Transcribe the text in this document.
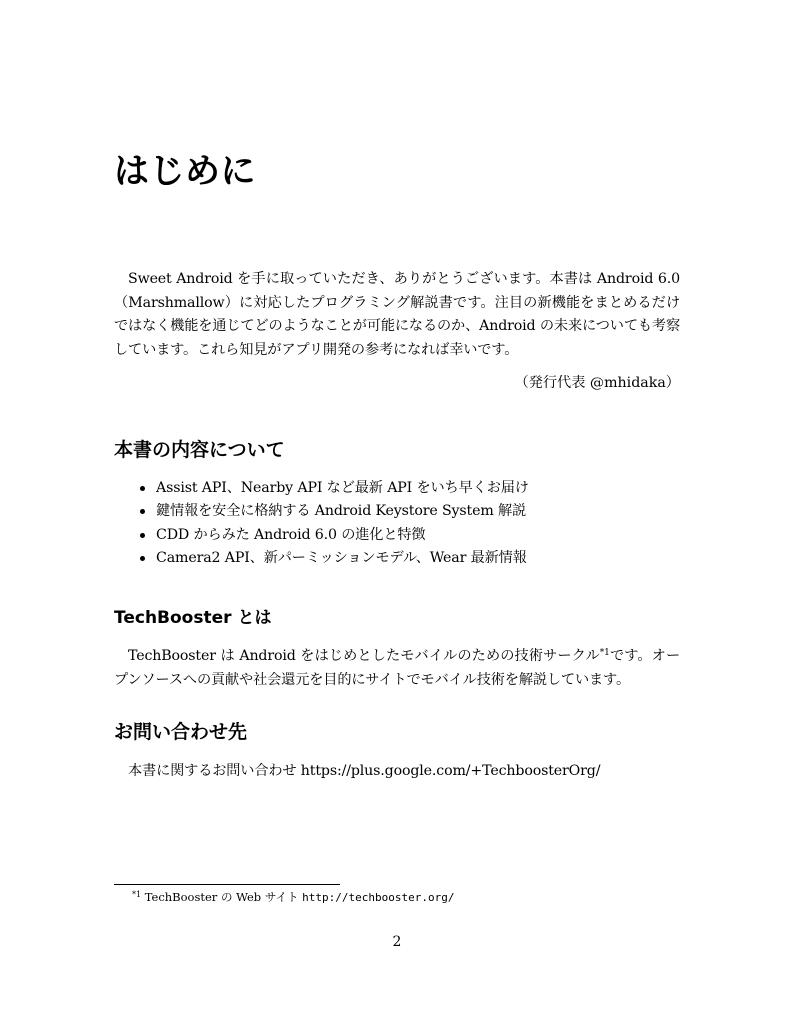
はじめに

Sweet Android を手に取っていただき、ありがとうございます。本書は Android 6.0（Marshmallow）に対応したプログラミング解説書です。注目の新機能をまとめるだけではなく機能を通じてどのようなことが可能になるのか、Android の未来についても考察しています。これら知見がアプリ開発の参考になれば幸いです。

（発行代表 @mhidaka）

本書の内容について
Assist API、Nearby API など最新 API をいち早くお届け
鍵情報を安全に格納する Android Keystore System 解説
CDD からみた Android 6.0 の進化と特徴
Camera2 API、新パーミッションモデル、Wear 最新情報
TechBooster とは

TechBooster は Android をはじめとしたモバイルのための技術サークル$^{*1}$です。オープンソースへの貢献や社会還元を目的にサイトでモバイル技術を解説しています。

お問い合わせ先

本書に関するお問い合わせ https://plus.google.com/+TechboosterOrg/

$^{*1}$ TechBooster の Web サイト http://techbooster.org/

2
